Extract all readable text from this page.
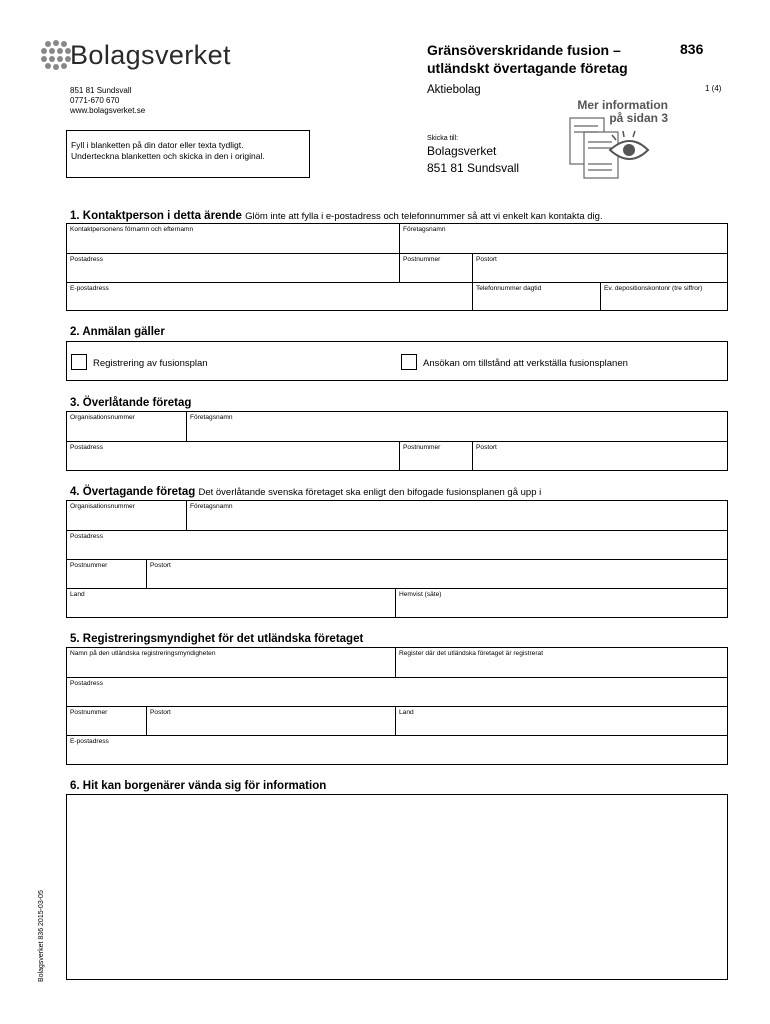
Bolagsverket
851 81 Sundsvall
0771-670 670
www.bolagsverket.se
Fyll i blanketten på din dator eller texta tydligt.
Underteckna blanketten och skicka in den i original.
Gränsöverskridande fusion –
utländskt övertagande företag
836
Aktiebolag	1 (4)
Skicka till:
Bolagsverket
851 81 Sundsvall
Mer information
på sidan 3
1. Kontaktperson i detta ärende Glöm inte att fylla i e-postadress och telefonnummer så att vi enkelt kan kontakta dig.
Kontaktpersonens förnamn och efternamn	Företagsnamn
Postadress	Postnummer	Postort
E-postadress	Telefonnummer dagtid	Ev. depositionskontonr (tre siffror)
2. Anmälan gäller
Registrering av fusionsplan	Ansökan om tillstånd att verkställa fusionsplanen
3. Överlåtande företag
Organisationsnummer	Företagsnamn
Postadress	Postnummer	Postort
4. Övertagande företag Det överlåtande svenska företaget ska enligt den bifogade fusionsplanen gå upp i
Organisationsnummer	Företagsnamn
Postadress
Postnummer	Postort
Land	Hemvist (säte)
5. Registreringsmyndighet för det utländska företaget
Namn på den utländska registreringsmyndigheten	Register där det utländska företaget är registrerat
Postadress
Postnummer	Postort	Land
E-postadress
6. Hit kan borgenärer vända sig för information
Bolagsverket 836 2015-03-05
